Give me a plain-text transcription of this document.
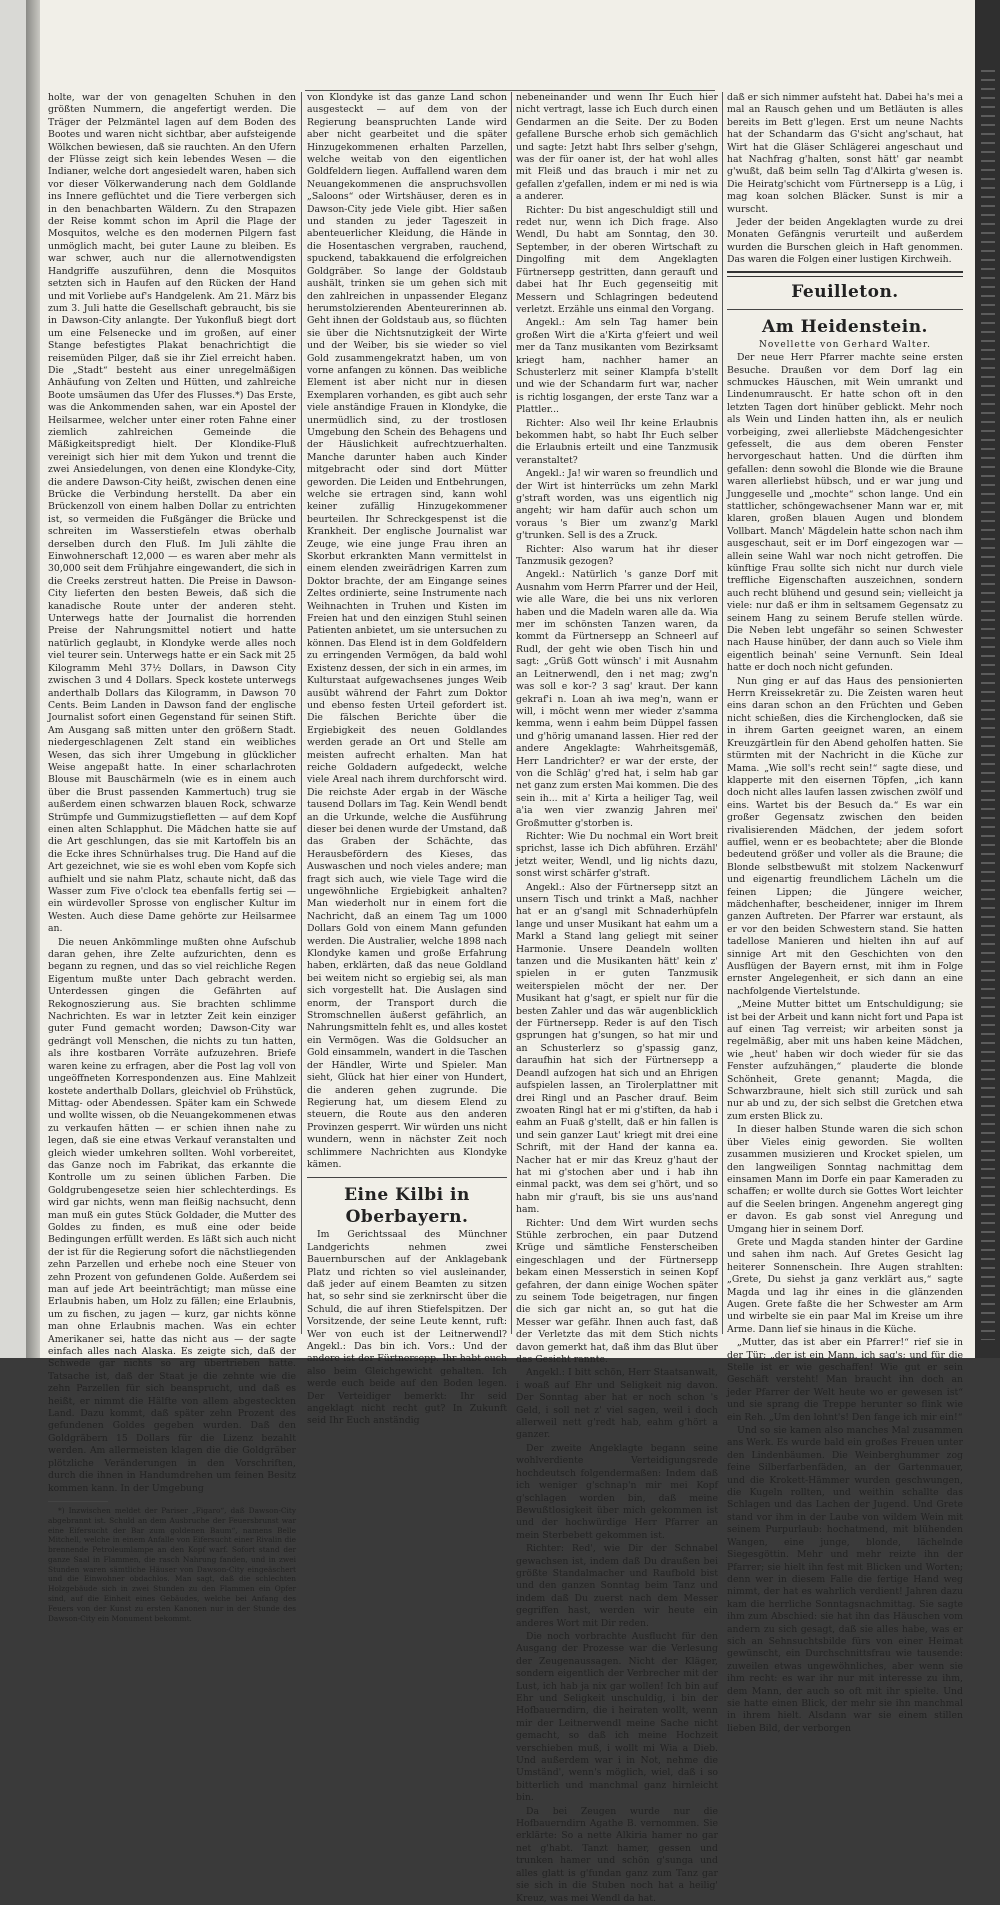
holte, war der von genagelten Schuhen in den größten Nummern, die angefertigt werden. Die Träger der Pelzmäntel lagen auf dem Boden des Bootes und waren nicht sichtbar, aber aufsteigende Wölkchen bewiesen, daß sie rauchten. An den Ufern der Flüsse zeigt sich kein lebendes Wesen — die Indianer, welche dort angesiedelt waren, haben sich vor dieser Völkerwanderung nach dem Goldlande ins Innere geflüchtet und die Tiere verbergen sich in den benachbarten Wäldern. Zu den Strapazen der Reise kommt schon im April die Plage der Mosquitos, welche es den modernen Pilgern fast unmöglich macht, bei guter Laune zu bleiben. Es war schwer, auch nur die allernotwendigsten Handgriffe auszuführen, denn die Mosquitos setzten sich in Haufen auf den Rücken der Hand und mit Vorliebe auf's Handgelenk. Am 21. März bis zum 3. Juli hatte die Gesellschaft gebraucht, bis sie in Dawson-City anlangte. Der Yukonfluß biegt dort um eine Felsenecke und im großen, auf einer Stange befestigtes Plakat benachrichtigt die reisemüden Pilger, daß sie ihr Ziel erreicht haben. Die „Stadt“ besteht aus einer unregelmäßigen Anhäufung von Zelten und Hütten, und zahlreiche Boote umsäumen das Ufer des Flusses.*) Das Erste, was die Ankommenden sahen, war ein Apostel der Heilsarmee, welcher unter einer roten Fahne einer ziemlich zahlreichen Gemeinde die Mäßigkeitspredigt hielt. Der Klondike-Fluß vereinigt sich hier mit dem Yukon und trennt die zwei Ansiedelungen, von denen eine Klondyke-City, die andere Dawson-City heißt, zwischen denen eine Brücke die Verbindung herstellt. Da aber ein Brückenzoll von einem halben Dollar zu entrichten ist, so vermeiden die Fußgänger die Brücke und schreiten im Wasserstiefeln etwas oberhalb derselben durch den Fluß. Im Juli zählte die Einwohnerschaft 12,000 — es waren aber mehr als 30,000 seit dem Frühjahre eingewandert, die sich in die Creeks zerstreut hatten. Die Preise in Dawson-City lieferten den besten Beweis, daß sich die kanadische Route unter der anderen steht. Unterwegs hatte der Journalist die horrenden Preise der Nahrungsmittel notiert und hatte natürlich geglaubt, in Klondyke werde alles noch viel teurer sein. Unterwegs hatte er ein Sack mit 25 Kilogramm Mehl 37½ Dollars, in Dawson City zwischen 3 und 4 Dollars. Speck kostete unterwegs anderthalb Dollars das Kilogramm, in Dawson 70 Cents. Beim Landen in Dawson fand der englische Journalist sofort einen Gegenstand für seinen Stift. Am Ausgang saß mitten unter den größern Stadt. niedergeschlagenen Zelt stand ein weibliches Wesen, das sich ihrer Umgebung in glücklicher Weise angepaßt hatte. In einer scharlachroten Blouse mit Bauschärmeln (wie es in einem auch über die Brust passenden Kammertuch) trug sie außerdem einen schwarzen blauen Rock, schwarze Strümpfe und Gummizugstiefletten — auf dem Kopf einen alten Schlapphut. Die Mädchen hatte sie auf die Art geschlungen, das sie mit Kartoffeln bis an die Ecke ihres Schnürhalses trug. Die Hand auf die Art gezeichnet, wie sie es wohl eben vom Kopfe sich aufhielt und sie nahm Platz, schaute nicht, daß das Wasser zum Five o'clock tea ebenfalls fertig sei — ein würdevoller Sprosse von englischer Kultur im Westen. Auch diese Dame gehörte zur Heilsarmee an.

Die neuen Ankömmlinge mußten ohne Aufschub daran gehen, ihre Zelte aufzurichten, denn es begann zu regnen, und das so viel reichliche Regen Eigentum mußte unter Dach gebracht werden. Unterdessen gingen die Gefährten auf Rekognoszierung aus. Sie brachten schlimme Nachrichten. Es war in letzter Zeit kein einziger guter Fund gemacht worden; Dawson-City war gedrängt voll Menschen, die nichts zu tun hatten, als ihre kostbaren Vorräte aufzuzehren. Briefe waren keine zu erfragen, aber die Post lag voll von ungeöffneten Korrespondenzen aus. Eine Mahlzeit kostete anderthalb Dollars, gleichviel ob Frühstück, Mittag- oder Abendessen. Später kam ein Schwede und wollte wissen, ob die Neuangekommenen etwas zu verkaufen hätten — er schien ihnen nahe zu legen, daß sie eine etwas Verkauf veranstalten und gleich wieder umkehren sollten. Wohl vorbereitet, das Ganze noch im Fabrikat, das erkannte die Kontrolle um zu seinen üblichen Farben. Die Goldgrubengesetze seien hier schlechterdings. Es wird gar nichts, wenn man fleißig nachsucht, denn man muß ein gutes Stück Goldader, die Mutter des Goldes zu finden, es muß eine oder beide Bedingungen erfüllt werden. Es läßt sich auch nicht der ist für die Regierung sofort die nächstliegenden zehn Parzellen und erhebe noch eine Steuer von zehn Prozent von gefundenen Golde. Außerdem sei man auf jede Art beeinträchtigt; man müsse eine Erlaubnis haben, um Holz zu fällen; eine Erlaubnis, um zu fischen, zu jagen — kurz, gar nichts könne man ohne Erlaubnis machen. Was ein echter Amerikaner sei, hatte das nicht aus — der sagte einfach alles nach Alaska. Es zeigte sich, daß der Schwede gar nichts so arg übertrieben hatte. Tatsache ist, daß der Staat je die zehnte wie die zehn Parzellen für sich beansprucht, und daß es heißt, er nimmt die Hälfte von allem abgesteckten Land. Dazu kommt, daß später zehn Prozent des gefundenen Goldes gegeben wurden. Daß den Goldgräbern 15 Dollars für die Lizenz bezahlt werden. Am allermeisten klagen die die Goldgräber plötzliche Veränderungen in den Vorschriften, durch die ihnen in Handumdrehen um feinen Besitz kommen kann. In der Umgebung

*) Inzwischen meldet der Pariser „Figaro“, daß Dawson-City abgebrannt ist. Schuld an dem Ausbruche der Feuersbrunst war eine Eifersucht der Bar zum goldenen Baum“, namens Belle Mitchell, welche in einem Anfalle von Eifersucht einer Rivalin die brennende Petroleumlampe an den Kopf warf. Sofort stand der ganze Saal in Flammen, die rasch Nahrung fanden, und in zwei Stunden waren sämtliche Häuser von Dawson-City eingeäschert und die Einwohner obdachlos. Man sagt, daß die schlechten Holzgebäude sich in zwei Stunden zu den Flammen ein Opfer sind, auf die Einheit eines Gebäudes, welche bei Anfang des Feuers von der Kunst zu ersten Kanonen nur in der Stunde des Dawson-City ein Monument bekommt.

von Klondyke ist das ganze Land schon ausgesteckt — auf dem von der Regierung beanspruchten Lande wird aber nicht gearbeitet und die später Hinzugekommenen erhalten Parzellen, welche weitab von den eigentlichen Goldfeldern liegen. Auffallend waren dem Neuangekommenen die anspruchsvollen „Saloons“ oder Wirtshäuser, deren es in Dawson-City jede Viele gibt. Hier saßen und standen zu jeder Tageszeit in abenteuerlicher Kleidung, die Hände in die Hosentaschen vergraben, rauchend, spuckend, tabakkauend die erfolgreichen Goldgräber. So lange der Goldstaub aushält, trinken sie um gehen sich mit den zahlreichen in unpassender Eleganz herumstolzierenden Abenteurerinnen ab. Geht ihnen der Goldstaub aus, so flüchten sie über die Nichtsnutzigkeit der Wirte und der Weiber, bis sie wieder so viel Gold zusammengekratzt haben, um von vorne anfangen zu können. Das weibliche Element ist aber nicht nur in diesen Exemplaren vorhanden, es gibt auch sehr viele anständige Frauen in Klondyke, die unermüdlich sind, zu der trostlosen Umgebung den Schein des Behagens und der Häuslichkeit aufrechtzuerhalten. Manche darunter haben auch Kinder mitgebracht oder sind dort Mütter geworden. Die Leiden und Entbehrungen, welche sie ertragen sind, kann wohl keiner zufällig Hinzugekommener beurteilen. Ihr Schreckgespenst ist die Krankheit. Der englische Journalist war Zeuge, wie eine junge Frau ihren an Skorbut erkrankten Mann vermittelst in einem elenden zweirädrigen Karren zum Doktor brachte, der am Eingange seines Zeltes ordinierte, seine Instrumente nach Weihnachten in Truhen und Kisten im Freien hat und den einzigen Stuhl seinen Patienten anbietet, um sie untersuchen zu können. Das Elend ist in dem Goldfeldern zu erringenden Vermögen, da bald wohl Existenz dessen, der sich in ein armes, im Kulturstaat aufgewachsenes junges Weib ausübt während der Fahrt zum Doktor und ebenso festen Urteil gefordert ist. Die fälschen Berichte über die Ergiebigkeit des neuen Goldlandes werden gerade an Ort und Stelle am meisten aufrecht erhalten. Man hat reiche Goldadern aufgedeckt, welche viele Areal nach ihrem durchforscht wird. Die reichste Ader ergab in der Wäsche tausend Dollars im Tag. Kein Wendl bendt an die Urkunde, welche die Ausführung dieser bei denen wurde der Umstand, daß das Graben der Schächte, das Herausbefördern des Kieses, das Auswaschen und noch vieles andere; man fragt sich auch, wie viele Tage wird die ungewöhnliche Ergiebigkeit anhalten? Man wiederholt nur in einem fort die Nachricht, daß an einem Tag um 1000 Dollars Gold von einem Mann gefunden werden. Die Australier, welche 1898 nach Klondyke kamen und große Erfahrung haben, erklärten, daß das neue Goldland bei weitem nicht so ergiebig sei, als man sich vorgestellt hat. Die Auslagen sind enorm, der Transport durch die Stromschnellen äußerst gefährlich, an Nahrungsmitteln fehlt es, und alles kostet ein Vermögen. Was die Goldsucher an Gold einsammeln, wandert in die Taschen der Händler, Wirte und Spieler. Man sieht, Glück hat hier einer von Hundert, die anderen gehen zugrunde. Die Regierung hat, um diesem Elend zu steuern, die Route aus den anderen Provinzen gesperrt. Wir würden uns nicht wundern, wenn in nächster Zeit noch schlimmere Nachrichten aus Klondyke kämen.

Eine Kilbi in Oberbayern.

Im Gerichtssaal des Münchner Landgerichts nehmen zwei Bauernburschen auf der Anklagebank Platz und richten so viel ausleinander, daß jeder auf einem Beamten zu sitzen hat, so sehr sind sie zerknirscht über die Schuld, die auf ihren Stiefelspitzen. Der Vorsitzende, der seine Leute kennt, ruft: Wer von euch ist der Leitnerwendl? Angekl.: Das bin ich. Vors.: Und der andere ist der Fürtnersepp. Ihr habt euch also beim Gleichgewicht gehalten. Ich werde euch beide auf den Boden legen. Der Verteidiger bemerkt: Ihr seid angeklagt nicht recht gut? In Zukunft seid Ihr Euch anständig

nebeneinander und wenn Ihr Euch hier nicht vertragt, lasse ich Euch durch einen Gendarmen an die Seite. Der zu Boden gefallene Bursche erhob sich gemächlich und sagte: Jetzt habt Ihrs selber g'sehgn, was der für oaner ist, der hat wohl alles mit Fleiß und das brauch i mir net zu gefallen z'gefallen, indem er mi ned is wia a anderer.

Richter: Du bist angeschuldigt still und redet nur, wenn ich Dich frage. Also Wendl, Du habt am Sonntag, den 30. September, in der oberen Wirtschaft zu Dingolfing mit dem Angeklagten Fürtnersepp gestritten, dann gerauft und dabei hat Ihr Euch gegenseitig mit Messern und Schlagringen bedeutend verletzt. Erzähle uns einmal den Vorgang.

Angekl.: Am seln Tag hamer bein großen Wirt die a'Kirta g'feiert und weil mer da Tanz musikanten vom Bezirksamt kriegt ham, nachher hamer an Schusterlerz mit seiner Klampfa b'stellt und wie der Schandarm furt war, nacher is richtig losgangen, der erste Tanz war a Plattler...

Richter: Also weil Ihr keine Erlaubnis bekommen habt, so habt Ihr Euch selber die Erlaubnis erteilt und eine Tanzmusik veranstaltet?

Angekl.: Ja! wir waren so freundlich und der Wirt ist hinterrücks um zehn Markl g'straft worden, was uns eigentlich nig angeht; wir ham dafür auch schon um voraus 's Bier um zwanz'g Markl g'trunken. Sell is des a Zruck.

Richter: Also warum hat ihr dieser Tanzmusik gezogen?

Angekl.: Natürlich 's ganze Dorf mit Ausnahm vom Herrn Pfarrer und der Heil, wie alle Ware, die bei uns nix verloren haben und die Madeln waren alle da. Wia mer im schönsten Tanzen waren, da kommt da Fürtnersepp an Schneerl auf Rudl, der geht wie oben Tisch hin und sagt: „Grüß Gott wünsch' i mit Ausnahm an Leitnerwendl, den i net mag; zwg'n was soll e kor-? 3 sag' kraut. Der kann gekraf'i n. Loan ah iwa meg'n, wann er will, i möcht wenn mer wieder z'samma kemma, wenn i eahm beim Düppel fassen und g'hörig umanand lassen. Hier red der andere Angeklagte: Wahrheitsgemäß, Herr Landrichter? er war der erste, der von die Schläg' g'red hat, i selm hab gar net ganz zum ersten Mai kommen. Die des sein ih... mit a' Kirta a heiliger Tag, weil a'ia wen vier zwanzig Jahren mei' Großmutter g'storben is.

Richter: Wie Du nochmal ein Wort breit sprichst, lasse ich Dich abführen. Erzähl' jetzt weiter, Wendl, und lig nichts dazu, sonst wirst schärfer g'straft.

Angekl.: Also der Fürtnersepp sitzt an unsern Tisch und trinkt a Maß, nachher hat er an g'sangl mit Schnaderhüpfeln lange und unser Musikant hat eahm um a Markl a Stand lang geliegt mit seiner Harmonie. Unsere Deandeln wollten tanzen und die Musikanten hätt' kein z' spielen in er guten Tanzmusik weiterspielen möcht der ner. Der Musikant hat g'sagt, er spielt nur für die besten Zahler und das wär augenblicklich der Fürtnersepp. Reder is auf den Tisch gsprungen hat g'sungen, so hat mir und an Schusterlerz so g'spassig ganz, daraufhin hat sich der Fürtnersepp a Deandl aufzogen hat sich und an Ehrigen aufspielen lassen, an Tirolerplattner mit drei Ringl und an Pascher drauf. Beim zwoaten Ringl hat er mi g'stiften, da hab i eahm an Fuaß g'stellt, daß er hin fallen is und sein ganzer Laut' kriegt mit drei eine Schrift, mit der Hand der kanna ea. Nacher hat er mir das Kreuz g'haut der hat mi g'stochen aber und i hab ihn einmal packt, was dem sei g'hört, und so habn mir g'rauft, bis sie uns aus'nand ham.

Richter: Und dem Wirt wurden sechs Stühle zerbrochen, ein paar Dutzend Krüge und sämtliche Fensterscheiben eingeschlagen und der Fürtnersepp bekam einen Messerstich in seinen Kopf gefahren, der dann einige Wochen später zu seinem Tode beigetragen, nur fingen die sich gar nicht an, so gut hat die Messer war gefähr. Ihnen auch fast, daß der Verletzte das mit dem Stich nichts davon gemerkt hat, daß ihm das Blut über das Gesicht rannte.

Angekl.: I bitt schön, Herr Staatsanwalt, i woaß auf Ehr und Seligkeit nig davon. Der Sonntag aber hat er noch schon 's Geld, i soll net z' viel sagen, weil i doch allerweil nett g'redt hab, eahm g'hört a ganzer.

Der zweite Angeklagte begann seine wohlverdiente Verteidigungsrede hochdeutsch folgendermaßen: Indem daß ich weniger g'schnap'n mir mei Kopf g'schlagen worden bin, daß meine Bewußtlosigkeit über mich gekommen ist und der hochwürdige Herr Pfarrer an mein Sterbebett gekommen ist.

Richter: Red', wie Dir der Schnabel gewachsen ist, indem daß Du draußen bei größte Standalmacher und Raufbold bist und den ganzen Sonntag beim Tanz und indem daß Du zuerst nach dem Messer gegriffen hast, werden wir heute ein anderes Wort mit Dir reden.

Die noch vorbrachte Ausflucht für den Ausgang der Prozesse war die Verlesung der Zeugenaussagen. Nicht der Kläger, sondern eigentlich der Verbrecher mit der Lust, ich hab ja nix gar wollen! Ich bin auf Ehr und Seligkeit unschuldig, i bin der Hofbauerndirn, die i heiraten wollt, wenn mir der Leitnerwendl meine Sache nicht gemacht, so daß ich meine Hochzeit verschieben muß, i wollt mi Wia a Dieb. Und außerdem war i in Not, nehme die Umständ', wenn's möglich, wiel, daß i so bitterlich und manchmal ganz hirnleicht bin.

Da bei Zeugen wurde nur die Hofbauerndirn Agathe B. vernommen. Sie erklärte: So a nette Alkiria hamer no gar net g'habt. Tanzt hamer, gessen und trunken hamer und schön g'sunga und alles glatt is g'fundan ganz zum Tanz gar sie sich in die Stuben noch hat a heilig' Kreuz, was mei Wendl da hat.

daß er sich nimmer aufsteht hat. Dabei ha's mei a mal an Rausch gehen und um Betläuten is alles bereits im Bett g'legen. Erst um neune Nachts hat der Schandarm das G'sicht ang'schaut, hat Wirt hat die Gläser Schlägerei angeschaut und hat Nachfrag g'halten, sonst hätt' gar neambt g'wußt, daß beim selln Tag d'Alkirta g'wesen is. Die Heiratg'schicht vom Fürtnersepp is a Lüg, i mag koan solchen Bläcker. Sunst is mir a wurscht.

Jeder der beiden Angeklagten wurde zu drei Monaten Gefängnis verurteilt und außerdem wurden die Burschen gleich in Haft genommen. Das waren die Folgen einer lustigen Kirchweih.

Feuilleton.

Am Heidenstein.

Novellette von Gerhard Walter.

Der neue Herr Pfarrer machte seine ersten Besuche. Draußen vor dem Dorf lag ein schmuckes Häuschen, mit Wein umrankt und Lindenumrauscht. Er hatte schon oft in den letzten Tagen dort hinüber geblickt. Mehr noch als Wein und Linden hatten ihn, als er neulich vorbeiging, zwei allerliebste Mädchengesichter gefesselt, die aus dem oberen Fenster hervorgeschaut hatten. Und die dürften ihm gefallen: denn sowohl die Blonde wie die Braune waren allerliebst hübsch, und er war jung und Junggeselle und „mochte“ schon lange. Und ein stattlicher, schöngewachsener Mann war er, mit klaren, großen blauen Augen und blondem Vollbart. Manch' Mägdelein hatte schon nach ihm ausgeschaut, seit er im Dorf eingezogen war — allein seine Wahl war noch nicht getroffen. Die künftige Frau sollte sich nicht nur durch viele treffliche Eigenschaften auszeichnen, sondern auch recht blühend und gesund sein; vielleicht ja viele: nur daß er ihm in seltsamem Gegensatz zu seinem Hang zu seinem Berufe stellen würde. Die Neben lebt ungefähr so seinen Schwester nach Hause hinüber, der dann auch so Viele ihm eigentlich beinah' seine Vernunft. Sein Ideal hatte er doch noch nicht gefunden.

Nun ging er auf das Haus des pensionierten Herrn Kreissekretär zu. Die Zeisten waren heut eins daran schon an den Früchten und Geben nicht schießen, dies die Kirchenglocken, daß sie in ihrem Garten geeignet waren, an einem Kreuzgärtlein für den Abend geholfen hatten. Sie stürmten mit der Nachricht in die Küche zur Mama. „Wie soll's recht sein!“ sagte diese, und klapperte mit den eisernen Töpfen, „ich kann doch nicht alles laufen lassen zwischen zwölf und eins. Wartet bis der Besuch da.“ Es war ein großer Gegensatz zwischen den beiden rivalisierenden Mädchen, der jedem sofort auffiel, wenn er es beobachtete; aber die Blonde bedeutend größer und voller als die Braune; die Blonde selbstbewußt mit stolzem Nackenwurf und eigenartig freundlichem Lächeln um die feinen Lippen; die Jüngere weicher, mädchenhafter, bescheidener, inniger im Ihrem ganzen Auftreten. Der Pfarrer war erstaunt, als er vor den beiden Schwestern stand. Sie hatten tadellose Manieren und hielten ihn auf auf sinnige Art mit den Geschichten von den Ausflügen der Bayern ernst, mit ihm in Folge ernster Angelegenheit, er sich dann an eine nachfolgende Viertelstunde.

„Meine Mutter bittet um Entschuldigung; sie ist bei der Arbeit und kann nicht fort und Papa ist auf einen Tag verreist; wir arbeiten sonst ja regelmäßig, aber mit uns haben keine Mädchen, wie „heut' haben wir doch wieder für sie das Fenster aufzuhängen,“ plauderte die blonde Schönheit, Grete genannt; Magda, die Schwarzbraune, hielt sich still zurück und sah nur ab und zu, der sich selbst die Gretchen etwa zum ersten Blick zu.

In dieser halben Stunde waren die sich schon über Vieles einig geworden. Sie wollten zusammen musizieren und Krocket spielen, um den langweiligen Sonntag nachmittag dem einsamen Mann im Dorfe ein paar Kameraden zu schaffen; er wollte durch sie Gottes Wort leichter auf die Seelen bringen. Angenehm angeregt ging er davon. Es gab sonst viel Anregung und Umgang hier in seinem Dorf.

Grete und Magda standen hinter der Gardine und sahen ihm nach. Auf Gretes Gesicht lag heiterer Sonnenschein. Ihre Augen strahlten: „Grete, Du siehst ja ganz verklärt aus,“ sagte Magda und lag ihr eines in die glänzenden Augen. Grete faßte die her Schwester am Arm und wirbelte sie ein paar Mal im Kreise um ihre Arme. Dann lief sie hinaus in die Küche.

„Mutter, das ist aber ein Pfarrer!“ rief sie in der Tür; „der ist ein Mann, ich sag's; und für die Stelle ist er wie geschaffen! Wie gut er sein Geschäft versteht! Man braucht ihn doch an jeder Pfarrer der Welt heute wo er gewesen ist“ und sie sprang die Treppe herunter so flink wie ein Reh. „Um den lohnt's! Den fange ich mir ein!“

Und so sie kamen also manches Mal zusammen ans Werk. Es wurde bald ein großes Freuen unter den Lindenbäumen. Die Weinberghummer zog feine Silberfarbenfäden, an der Gartenmauer, und die Krokett-Hämmer wurden geschwungen, die Kugeln rollten, und weithin schallte das Schlagen und das Lachen der Jugend. Und Grete stand vor ihm in der Laube von wildem Wein mit seinem Purpurlaub: hochatmend, mit blühenden Wangen, eine junge, blonde, lächelnde Siegesgöttin. Mehr und mehr reizte ihn der Pfarrer; sie hielt ihn fest mit Blicken und Worten; denn wer in diesem Falle die fertige Hand weg nimmt, der hat es wahrlich verdient! Jahren dazu kam die herrliche Sonntagsnachmittag. Sie sagte ihm zum Abschied: sie hat ihn das Häuschen vom andern zu sich gesagt, daß sie alles habe, was er sich an Sehnsuchtsbilde fürs von einer Heimat gewünscht, ein Durchschnittsfrau wie tausende: zuweilen etwas ungewöhnliches, aber wenn sie ihm recht: es war ihr nur mit interesse zu ihm, dem Mann, der auch so oft mit ihr spielte. Und sie hatte einen Blick, der mehr sie ihn manchmal in ihrem hielt. Alsdann war sie einem stillen lieben Bild, der verborgen
